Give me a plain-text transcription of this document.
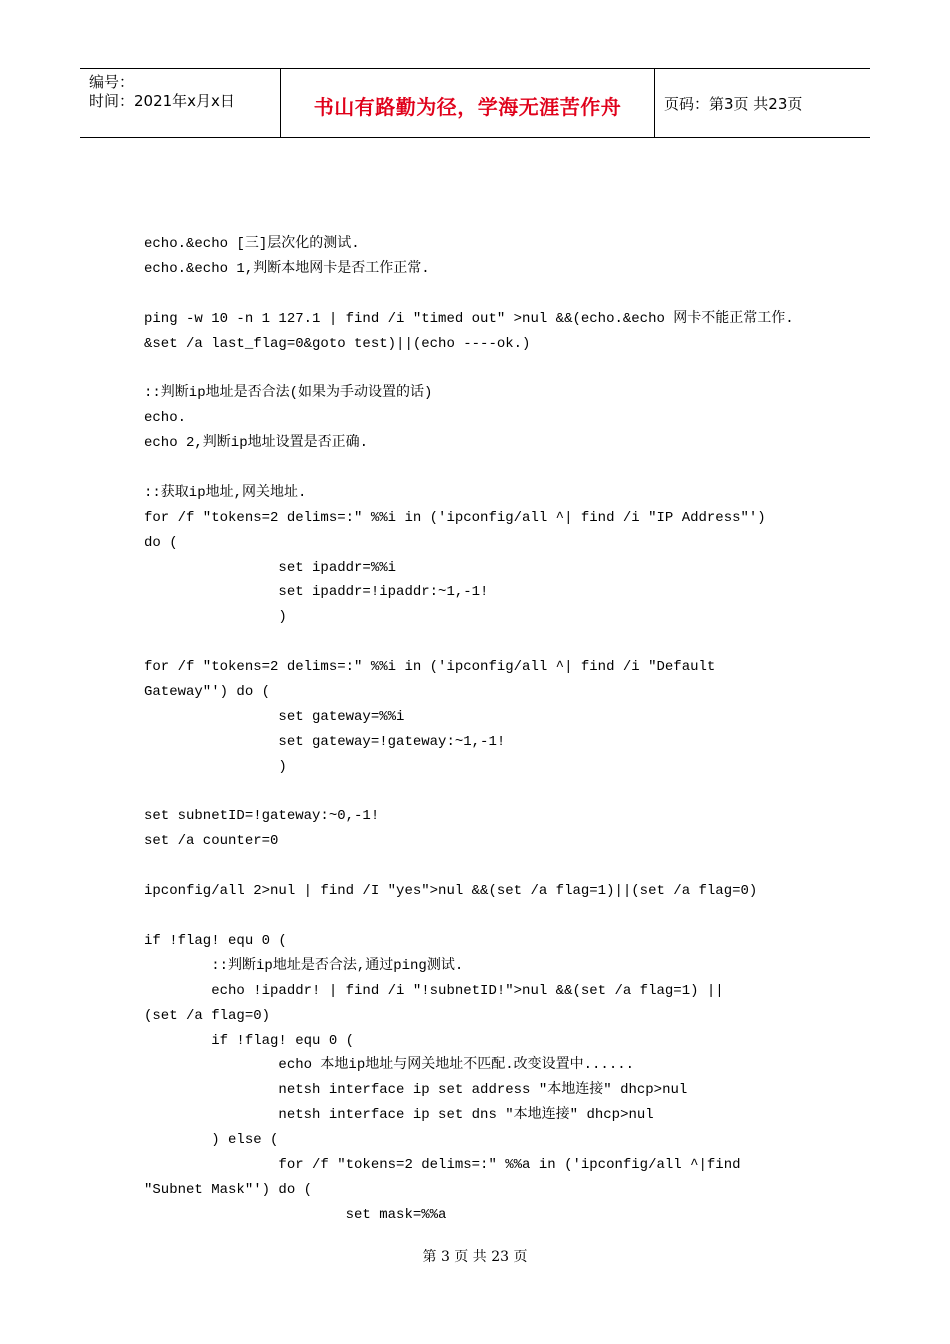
编号：
时间：2021年x月x日	书山有路勤为径，学海无涯苦作舟	页码：第3页 共23页
echo.&echo [三]层次化的测试.
echo.&echo 1,判断本地网卡是否工作正常.
ping -w 10 -n 1 127.1 | find /i "timed out" >nul &&(echo.&echo 网卡不能正常工作.
&set /a last_flag=0&goto test)||(echo ----ok.)
::判断ip地址是否合法(如果为手动设置的话)
echo.
echo 2,判断ip地址设置是否正确.
::获取ip地址,网关地址.
for /f "tokens=2 delims=:" %%i in ('ipconfig/all ^| find /i "IP Address"')
do (
set ipaddr=%%i
set ipaddr=!ipaddr:~1,-1!
)
for /f "tokens=2 delims=:" %%i in ('ipconfig/all ^| find /i "Default
Gateway"') do (
set gateway=%%i
set gateway=!gateway:~1,-1!
)
set subnetID=!gateway:~0,-1!
set /a counter=0
ipconfig/all 2>nul | find /I "yes">nul &&(set /a flag=1)||(set /a flag=0)
if !flag! equ 0 (
::判断ip地址是否合法,通过ping测试.
echo !ipaddr! | find /i "!subnetID!">nul &&(set /a flag=1) ||
(set /a flag=0)
if !flag! equ 0 (
echo 本地ip地址与网关地址不匹配.改变设置中......
netsh interface ip set address "本地连接" dhcp>nul
netsh interface ip set dns "本地连接" dhcp>nul
) else (
for /f "tokens=2 delims=:" %%a in ('ipconfig/all ^|find
"Subnet Mask"') do (
set mask=%%a
第 3 页 共 23 页
